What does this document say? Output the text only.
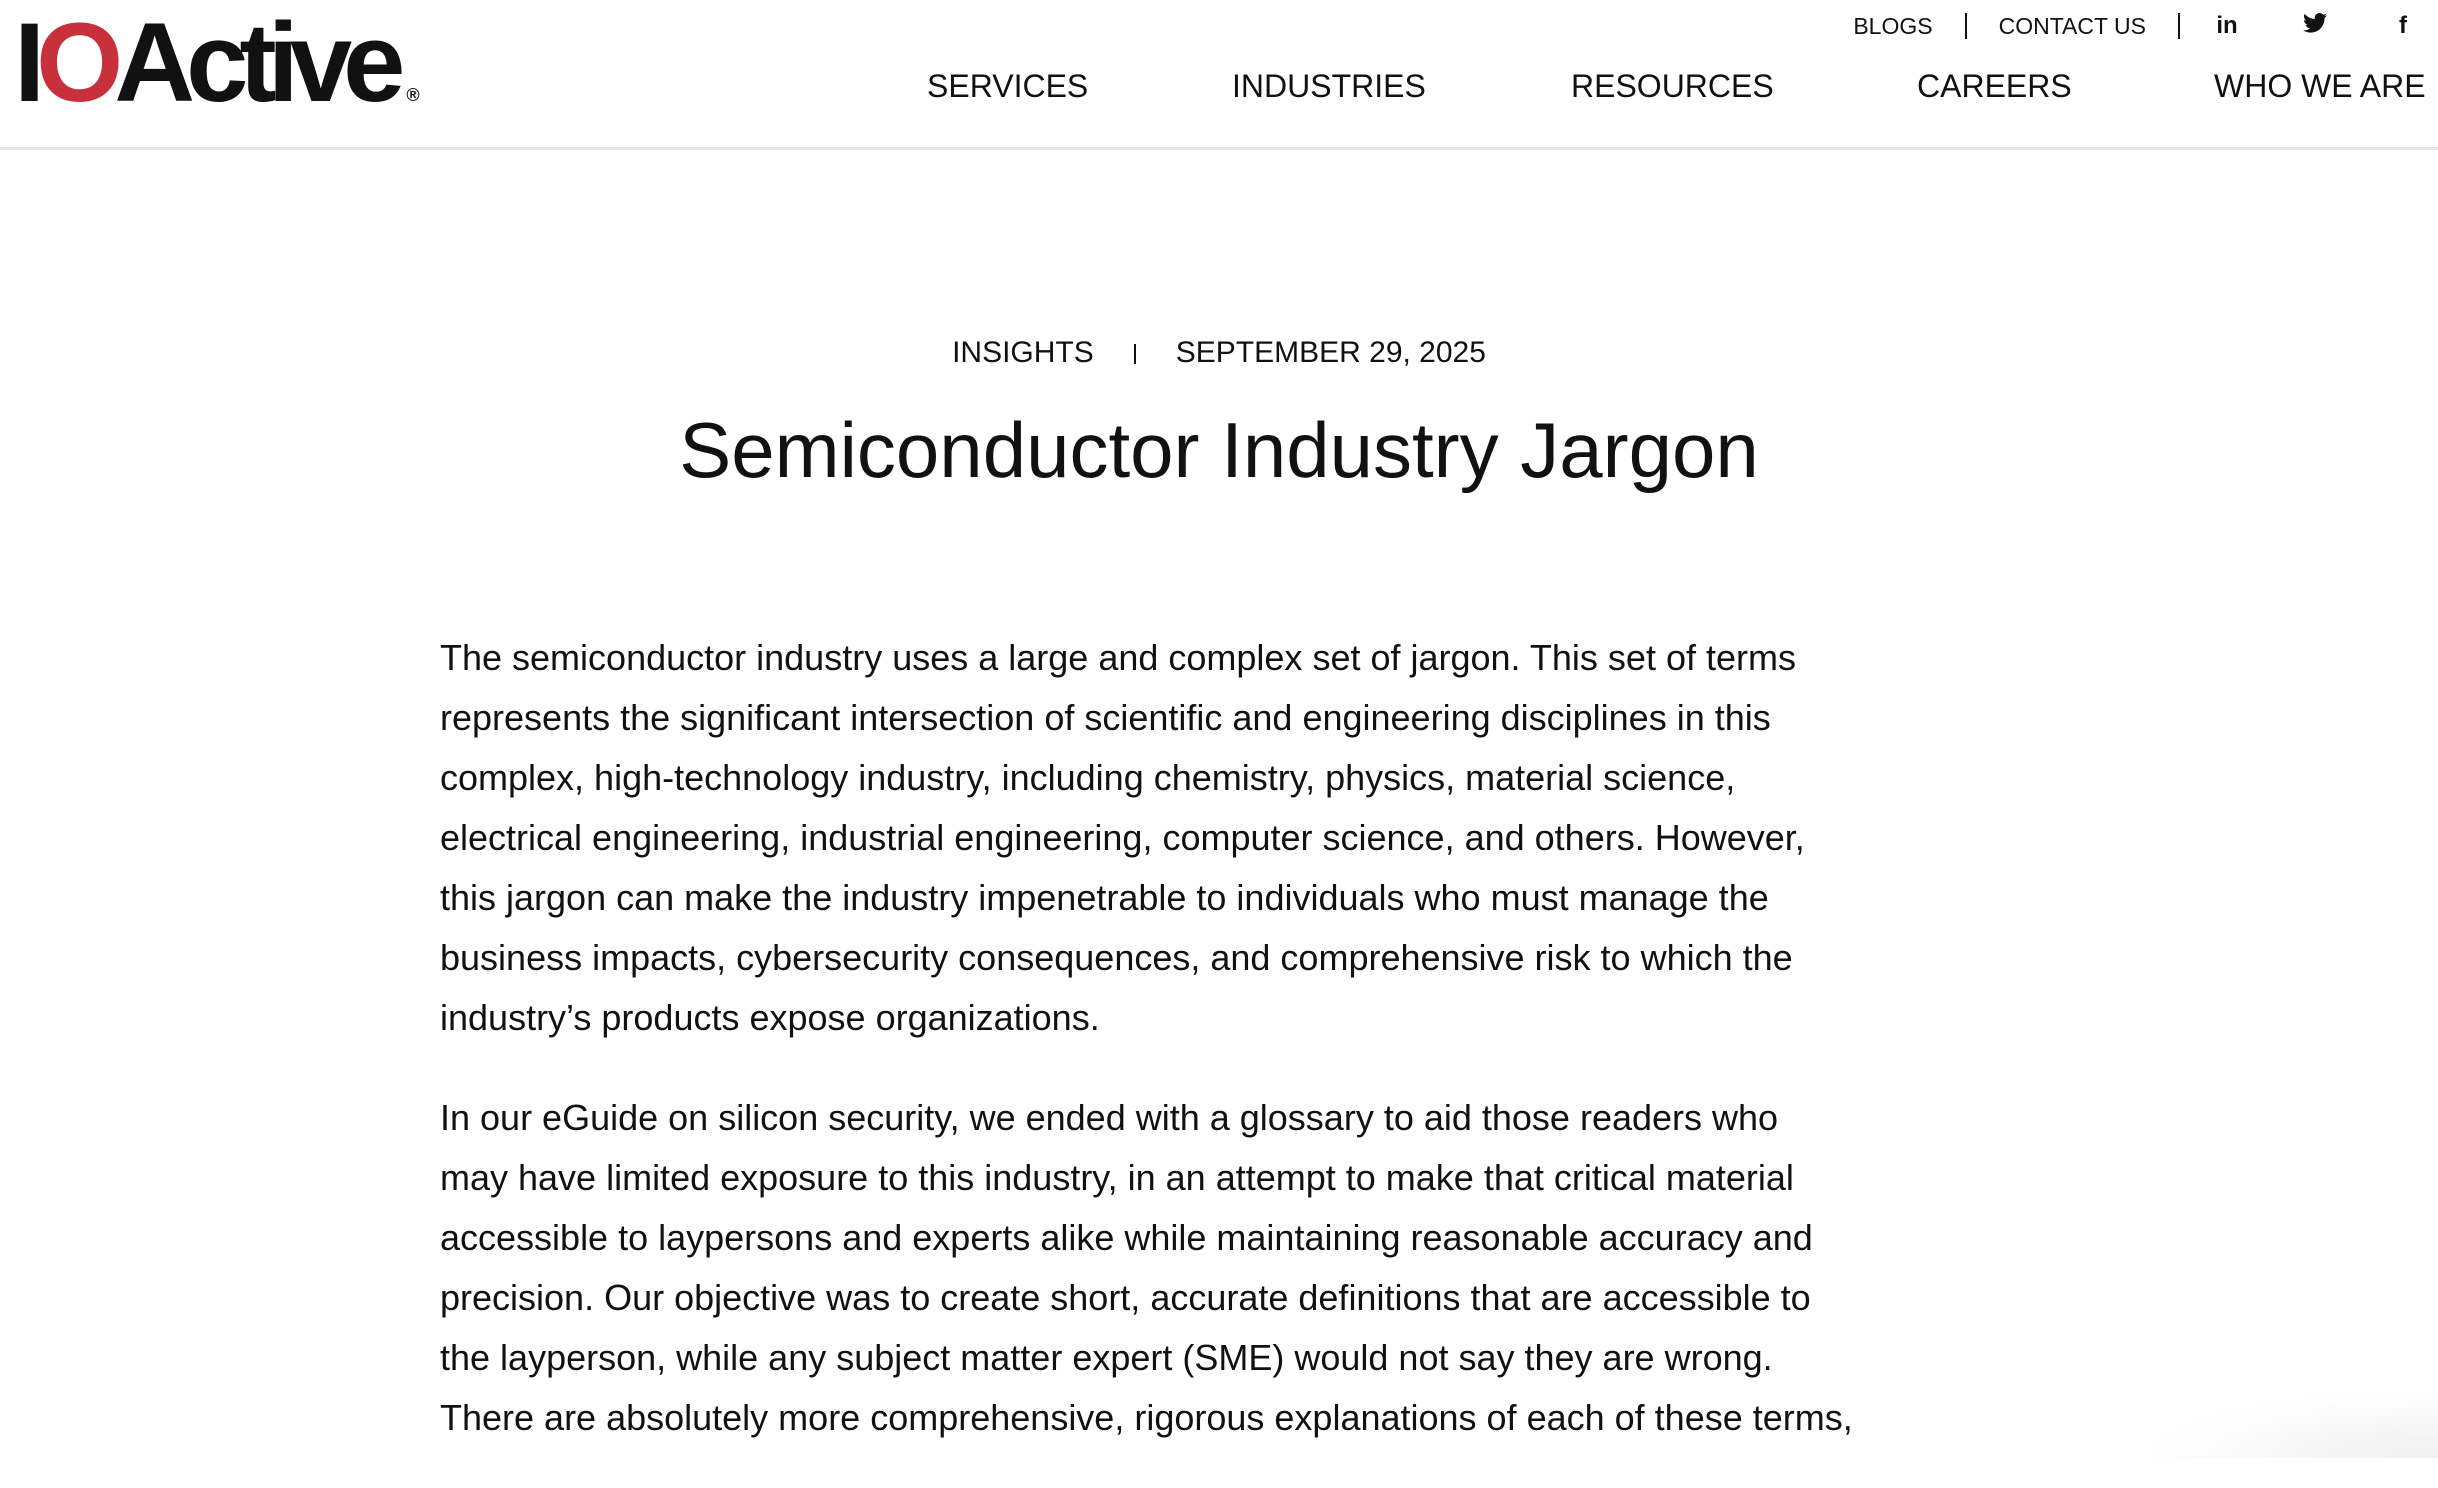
IOActive ®
BLOGS	CONTACT US	in	f
SERVICES	INDUSTRIES	RESOURCES	CAREERS	WHO WE ARE
INSIGHTS	SEPTEMBER 29, 2025
Semiconductor Industry Jargon
The semiconductor industry uses a large and complex set of jargon. This set of terms
represents the significant intersection of scientific and engineering disciplines in this
complex, high-technology industry, including chemistry, physics, material science,
electrical engineering, industrial engineering, computer science, and others. However,
this jargon can make the industry impenetrable to individuals who must manage the
business impacts, cybersecurity consequences, and comprehensive risk to which the
industry’s products expose organizations.
In our eGuide on silicon security, we ended with a glossary to aid those readers who
may have limited exposure to this industry, in an attempt to make that critical material
accessible to laypersons and experts alike while maintaining reasonable accuracy and
precision. Our objective was to create short, accurate definitions that are accessible to
the layperson, while any subject matter expert (SME) would not say they are wrong.
There are absolutely more comprehensive, rigorous explanations of each of these terms,
